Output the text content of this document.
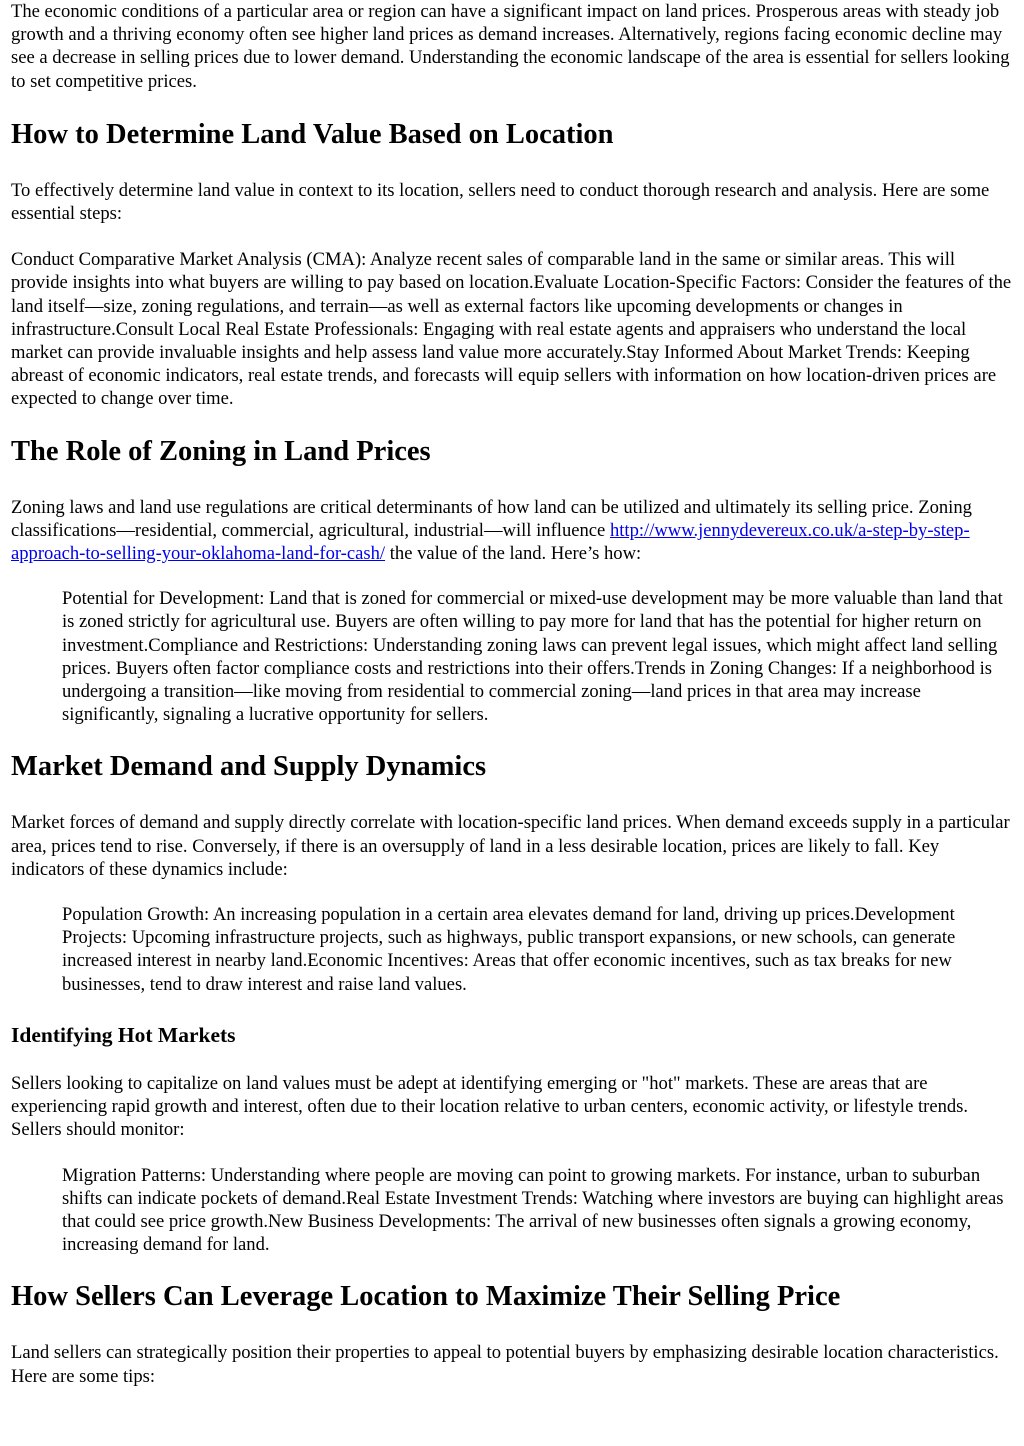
The economic conditions of a particular area or region can have a significant impact on land prices. Prosperous areas with steady job growth and a thriving economy often see higher land prices as demand increases. Alternatively, regions facing economic decline may see a decrease in selling prices due to lower demand. Understanding the economic landscape of the area is essential for sellers looking to set competitive prices.

How to Determine Land Value Based on Location

To effectively determine land value in context to its location, sellers need to conduct thorough research and analysis. Here are some essential steps:

Conduct Comparative Market Analysis (CMA): Analyze recent sales of comparable land in the same or similar areas. This will provide insights into what buyers are willing to pay based on location.Evaluate Location-Specific Factors: Consider the features of the land itself—size, zoning regulations, and terrain—as well as external factors like upcoming developments or changes in infrastructure.Consult Local Real Estate Professionals: Engaging with real estate agents and appraisers who understand the local market can provide invaluable insights and help assess land value more accurately.Stay Informed About Market Trends: Keeping abreast of economic indicators, real estate trends, and forecasts will equip sellers with information on how location-driven prices are expected to change over time.

The Role of Zoning in Land Prices

Zoning laws and land use regulations are critical determinants of how land can be utilized and ultimately its selling price. Zoning classifications—residential, commercial, agricultural, industrial—will influence http://www.jennydevereux.co.uk/a-step-by-step-approach-to-selling-your-oklahoma-land-for-cash/ the value of the land. Here’s how:

Potential for Development: Land that is zoned for commercial or mixed-use development may be more valuable than land that is zoned strictly for agricultural use. Buyers are often willing to pay more for land that has the potential for higher return on investment.Compliance and Restrictions: Understanding zoning laws can prevent legal issues, which might affect land selling prices. Buyers often factor compliance costs and restrictions into their offers.Trends in Zoning Changes: If a neighborhood is undergoing a transition—like moving from residential to commercial zoning—land prices in that area may increase significantly, signaling a lucrative opportunity for sellers.

Market Demand and Supply Dynamics

Market forces of demand and supply directly correlate with location-specific land prices. When demand exceeds supply in a particular area, prices tend to rise. Conversely, if there is an oversupply of land in a less desirable location, prices are likely to fall. Key indicators of these dynamics include:

Population Growth: An increasing population in a certain area elevates demand for land, driving up prices.Development Projects: Upcoming infrastructure projects, such as highways, public transport expansions, or new schools, can generate increased interest in nearby land.Economic Incentives: Areas that offer economic incentives, such as tax breaks for new businesses, tend to draw interest and raise land values.

Identifying Hot Markets

Sellers looking to capitalize on land values must be adept at identifying emerging or "hot" markets. These are areas that are experiencing rapid growth and interest, often due to their location relative to urban centers, economic activity, or lifestyle trends. Sellers should monitor:

Migration Patterns: Understanding where people are moving can point to growing markets. For instance, urban to suburban shifts can indicate pockets of demand.Real Estate Investment Trends: Watching where investors are buying can highlight areas that could see price growth.New Business Developments: The arrival of new businesses often signals a growing economy, increasing demand for land.

How Sellers Can Leverage Location to Maximize Their Selling Price

Land sellers can strategically position their properties to appeal to potential buyers by emphasizing desirable location characteristics. Here are some tips:
